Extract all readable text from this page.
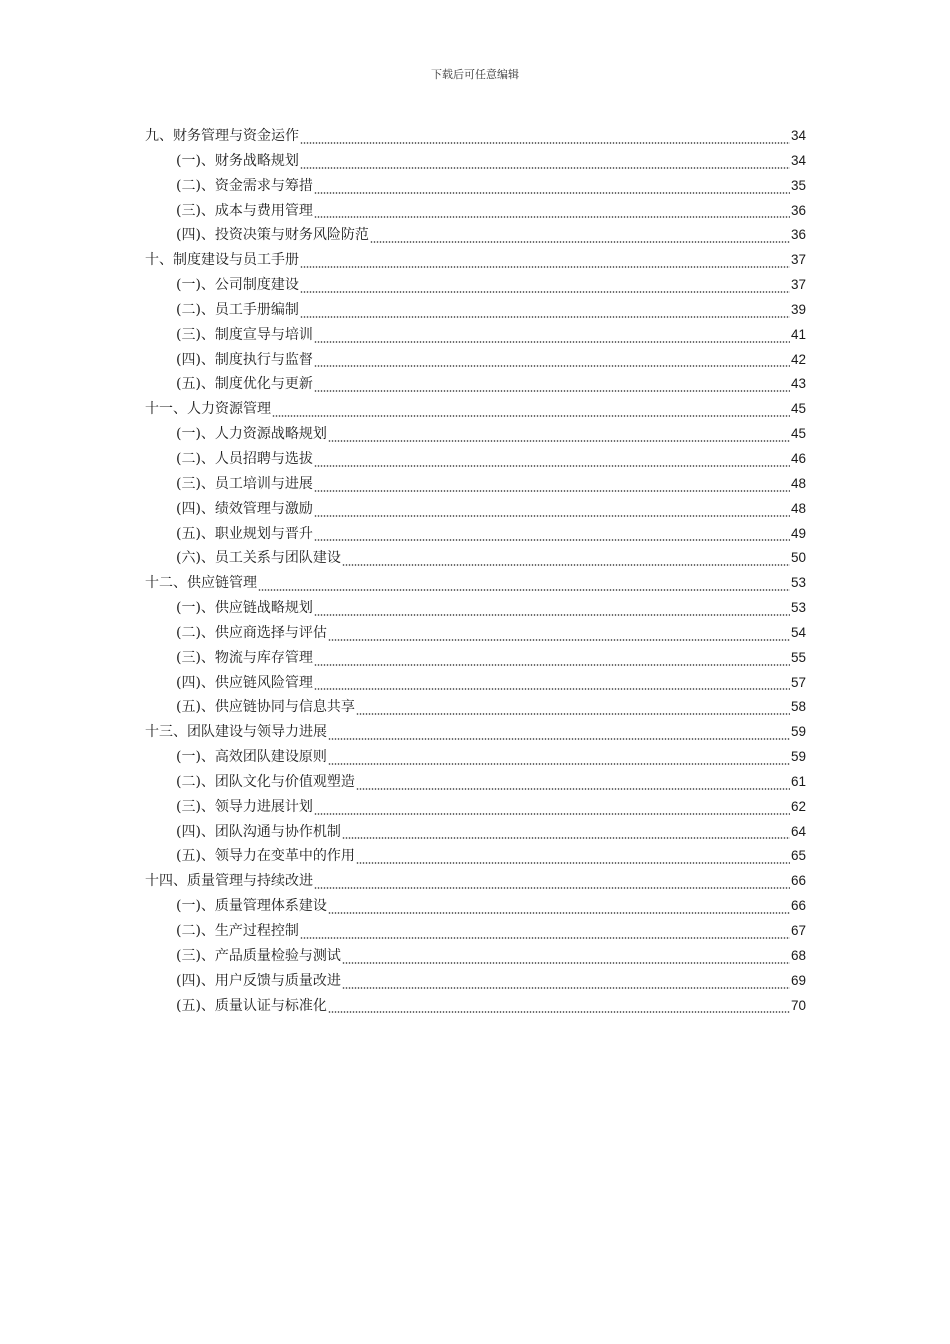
下载后可任意编辑
九、财务管理与资金运作	34
(一)、财务战略规划	34
(二)、资金需求与筹措	35
(三)、成本与费用管理	36
(四)、投资决策与财务风险防范	36
十、制度建设与员工手册	37
(一)、公司制度建设	37
(二)、员工手册编制	39
(三)、制度宣导与培训	41
(四)、制度执行与监督	42
(五)、制度优化与更新	43
十一、人力资源管理	45
(一)、人力资源战略规划	45
(二)、人员招聘与选拔	46
(三)、员工培训与进展	48
(四)、绩效管理与激励	48
(五)、职业规划与晋升	49
(六)、员工关系与团队建设	50
十二、供应链管理	53
(一)、供应链战略规划	53
(二)、供应商选择与评估	54
(三)、物流与库存管理	55
(四)、供应链风险管理	57
(五)、供应链协同与信息共享	58
十三、团队建设与领导力进展	59
(一)、高效团队建设原则	59
(二)、团队文化与价值观塑造	61
(三)、领导力进展计划	62
(四)、团队沟通与协作机制	64
(五)、领导力在变革中的作用	65
十四、质量管理与持续改进	66
(一)、质量管理体系建设	66
(二)、生产过程控制	67
(三)、产品质量检验与测试	68
(四)、用户反馈与质量改进	69
(五)、质量认证与标准化	70
